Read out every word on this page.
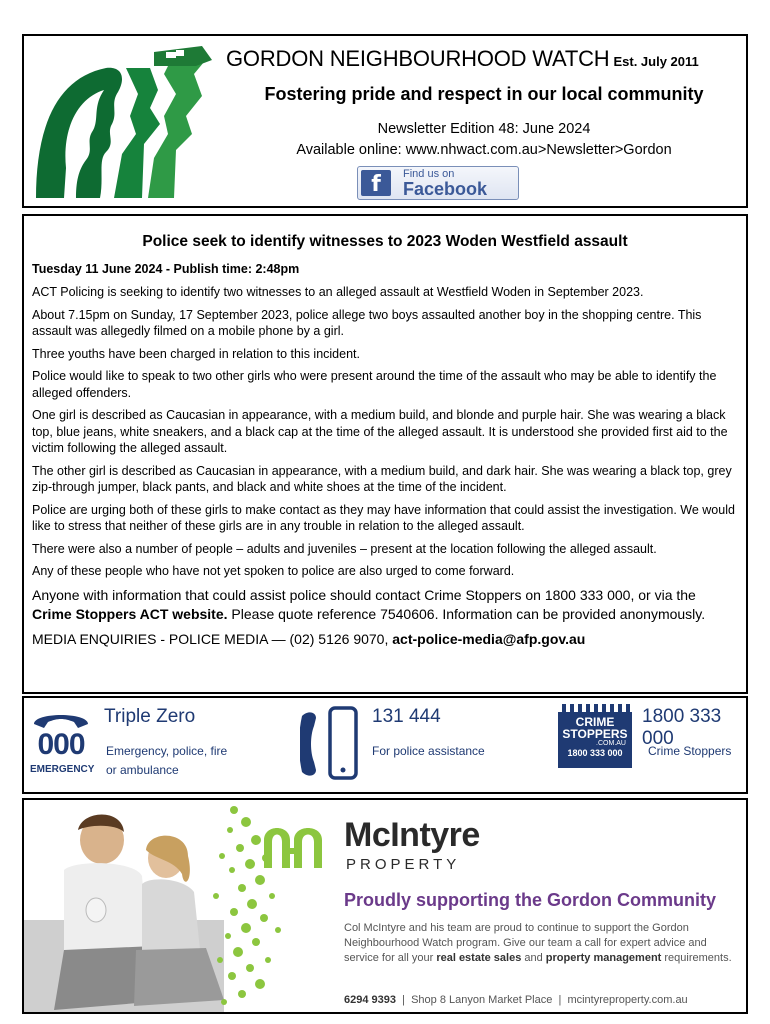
GORDON NEIGHBOURHOOD WATCH Est. July 2011
Fostering pride and respect in our local community
Newsletter Edition 48: June 2024
Available online: www.nhwact.com.au>Newsletter>Gordon
f	Find us on
Facebook
Police seek to identify witnesses to 2023 Woden Westfield assault
Tuesday 11 June 2024 - Publish time: 2:48pm

ACT Policing is seeking to identify two witnesses to an alleged assault at Westfield Woden in September 2023.

About 7.15pm on Sunday, 17 September 2023, police allege two boys assaulted another boy in the shopping centre. This assault was allegedly filmed on a mobile phone by a girl.

Three youths have been charged in relation to this incident.

Police would like to speak to two other girls who were present around the time of the assault who may be able to identify the alleged offenders.

One girl is described as Caucasian in appearance, with a medium build, and blonde and purple hair. She was wearing a black top, blue jeans, white sneakers, and a black cap at the time of the alleged assault. It is understood she provided first aid to the victim following the alleged assault.

The other girl is described as Caucasian in appearance, with a medium build, and dark hair. She was wearing a black top, grey zip-through jumper, black pants, and black and white shoes at the time of the incident.

Police are urging both of these girls to make contact as they may have information that could assist the investigation. We would like to stress that neither of these girls are in any trouble in relation to the alleged assault.

There were also a number of people – adults and juveniles – present at the location following the alleged assault.

Any of these people who have not yet spoken to police are also urged to come forward.

Anyone with information that could assist police should contact Crime Stoppers on 1800 333 000, or via the Crime Stoppers ACT website. Please quote reference 7540606. Information can be provided anonymously.

MEDIA ENQUIRIES - POLICE MEDIA — (02) 5126 9070, act-police-media@afp.gov.au

000
EMERGENCY
Triple Zero
Emergency, police, fire
or ambulance
131 444
For police assistance
CRIME
STOPPERS
.COM.AU
1800 333 000
1800 333 000
Crime Stoppers
McIntyre
PROPERTY
Proudly supporting the Gordon Community
Col McIntyre and his team are proud to continue to support the Gordon Neighbourhood Watch program. Give our team a call for expert advice and service for all your real estate sales and property management requirements.
6294 9393  |  Shop 8 Lanyon Market Place  |  mcintyreproperty.com.au
